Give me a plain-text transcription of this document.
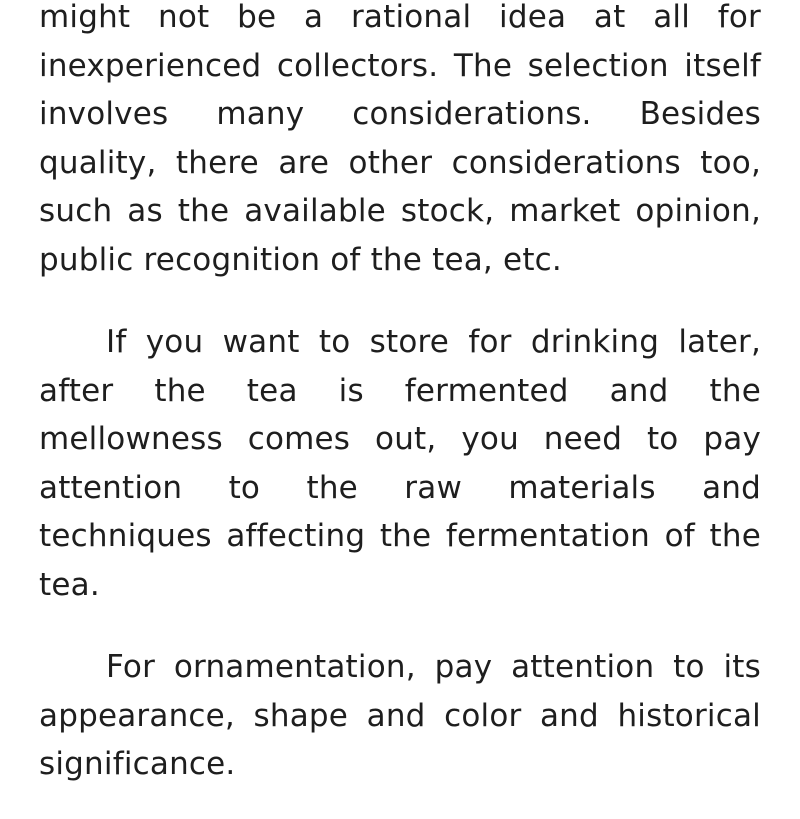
might not be a rational idea at all for inexperienced collectors. The selection itself involves many considerations. Besides quality, there are other considerations too, such as the available stock, market opinion, public recognition of the tea, etc.

If you want to store for drinking later, after the tea is fermented and the mellowness comes out, you need to pay attention to the raw materials and techniques affecting the fermentation of the tea.

For ornamentation, pay attention to its appearance, shape and color and historical significance.
